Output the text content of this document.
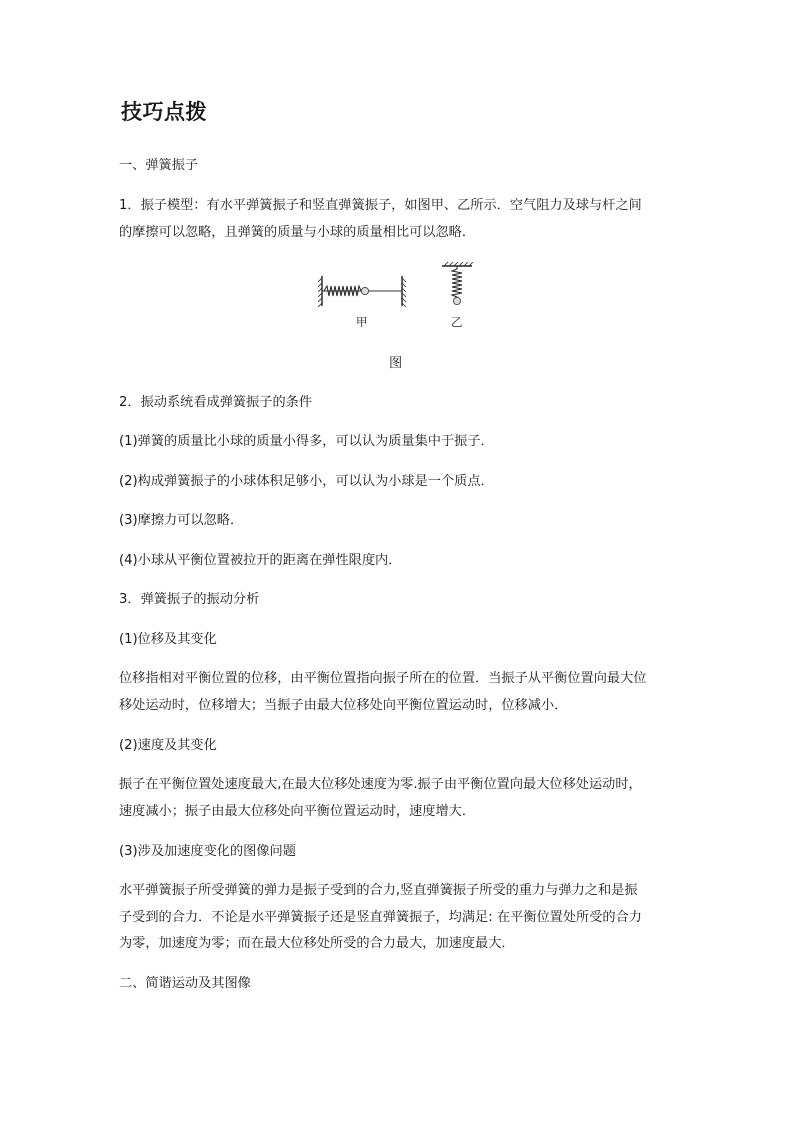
技巧点拨
一、弹簧振子
1．振子模型：有水平弹簧振子和竖直弹簧振子，如图甲、乙所示．空气阻力及球与杆之间
的摩擦可以忽略，且弹簧的质量与小球的质量相比可以忽略．
甲	乙
图
2．振动系统看成弹簧振子的条件
(1)弹簧的质量比小球的质量小得多，可以认为质量集中于振子．
(2)构成弹簧振子的小球体积足够小，可以认为小球是一个质点．
(3)摩擦力可以忽略．
(4)小球从平衡位置被拉开的距离在弹性限度内．
3．弹簧振子的振动分析
(1)位移及其变化
位移指相对平衡位置的位移，由平衡位置指向振子所在的位置．当振子从平衡位置向最大位
移处运动时，位移增大；当振子由最大位移处向平衡位置运动时，位移减小．
(2)速度及其变化
振子在平衡位置处速度最大,在最大位移处速度为零.振子由平衡位置向最大位移处运动时，
速度减小；振子由最大位移处向平衡位置运动时，速度增大．
(3)涉及加速度变化的图像问题
水平弹簧振子所受弹簧的弹力是振子受到的合力,竖直弹簧振子所受的重力与弹力之和是振
子受到的合力．不论是水平弹簧振子还是竖直弹簧振子，均满足: 在平衡位置处所受的合力
为零，加速度为零；而在最大位移处所受的合力最大，加速度最大．
二、简谐运动及其图像
